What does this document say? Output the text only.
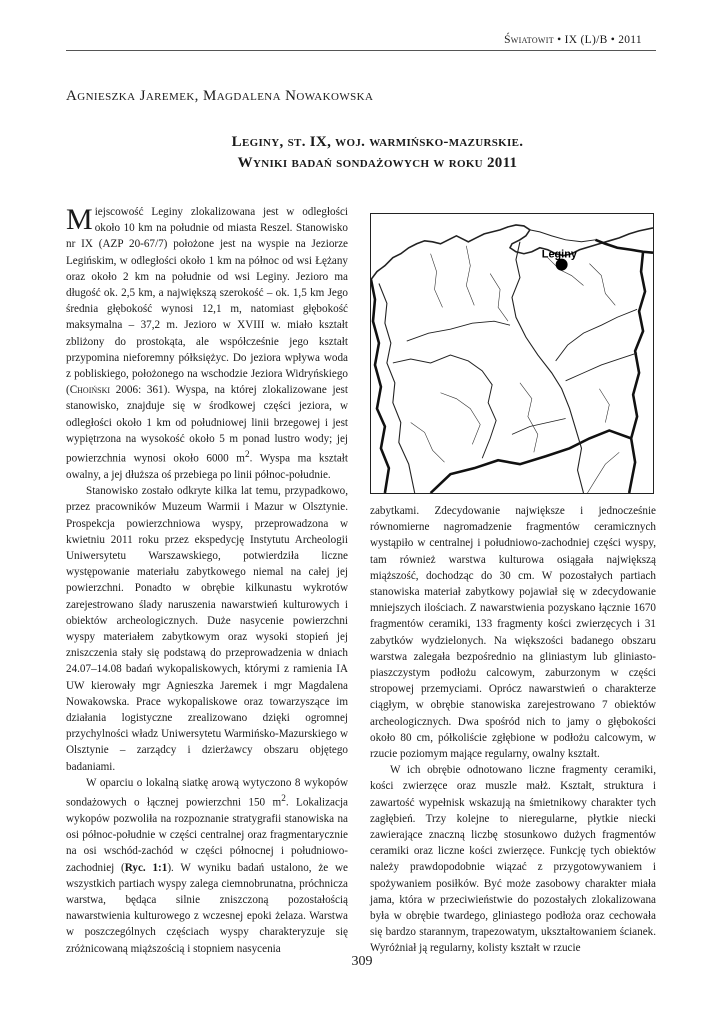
Światowit • IX (L)/B • 2011
Agnieszka Jaremek, Magdalena Nowakowska
Leginy, st. IX, woj. warmińsko-mazurskie.
Wyniki badań sondażowych w roku 2011

Miejscowość Leginy zlokalizowana jest w odległości około 10 km na południe od miasta Reszel. Stanowisko nr IX (AZP 20-67/7) położone jest na wyspie na Jeziorze Legińskim, w odległości około 1 km na północ od wsi Łężany oraz około 2 km na południe od wsi Leginy. Jezioro ma długość ok. 2,5 km, a największą szerokość – ok. 1,5 km Jego średnia głębokość wynosi 12,1 m, natomiast głębokość maksymalna – 37,2 m. Jezioro w XVIII w. miało kształt zbliżony do prostokąta, ale współcześnie jego kształt przypomina nieforemny półksiężyc. Do jeziora wpływa woda z pobliskiego, położonego na wschodzie Jeziora Widryńskiego (Choiński 2006: 361). Wyspa, na której zlokalizowane jest stanowisko, znajduje się w środkowej części jeziora, w odległości około 1 km od południowej linii brzegowej i jest wypiętrzona na wysokość około 5 m ponad lustro wody; jej powierzchnia wynosi około 6000 $m^2$. Wyspa ma kształt owalny, a jej dłuższa oś przebiega po linii północ-południe.

Stanowisko zostało odkryte kilka lat temu, przypadkowo, przez pracowników Muzeum Warmii i Mazur w Olsztynie. Prospekcja powierzchniowa wyspy, przeprowadzona w kwietniu 2011 roku przez ekspedycję Instytutu Archeologii Uniwersytetu Warszawskiego, potwierdziła liczne występowanie materiału zabytkowego niemal na całej jej powierzchni. Ponadto w obrębie kilkunastu wykrotów zarejestrowano ślady naruszenia nawarstwień kulturowych i obiektów archeologicznych. Duże nasycenie powierzchni wyspy materiałem zabytkowym oraz wysoki stopień jej zniszczenia stały się podstawą do przeprowadzenia w dniach 24.07–14.08 badań wykopaliskowych, którymi z ramienia IA UW kierowały mgr Agnieszka Jaremek i mgr Magdalena Nowakowska. Prace wykopaliskowe oraz towarzyszące im działania logistyczne zrealizowano dzięki ogromnej przychylności władz Uniwersytetu Warmińsko-Mazurskiego w Olsztynie – zarządcy i dzierżawcy obszaru objętego badaniami.

W oparciu o lokalną siatkę arową wytyczono 8 wykopów sondażowych o łącznej powierzchni 150 $m^2$. Lokalizacja wykopów pozwoliła na rozpoznanie stratygrafii stanowiska na osi północ-południe w części centralnej oraz fragmentarycznie na osi wschód-zachód w części północnej i południowo-zachodniej (Ryc. 1:1). W wyniku badań ustalono, że we wszystkich partiach wyspy zalega ciemnobrunatna, próchnicza warstwa, będąca silnie zniszczoną pozostałością nawarstwienia kulturowego z wczesnej epoki żelaza. Warstwa w poszczególnych częściach wyspy charakteryzuje się zróżnicowaną miąższością i stopniem nasycenia

Leginy

zabytkami. Zdecydowanie największe i jednocześnie równomierne nagromadzenie fragmentów ceramicznych wystąpiło w centralnej i południowo-zachodniej części wyspy, tam również warstwa kulturowa osiągała największą miąższość, dochodząc do 30 cm. W pozostałych partiach stanowiska materiał zabytkowy pojawiał się w zdecydowanie mniejszych ilościach. Z nawarstwienia pozyskano łącznie 1670 fragmentów ceramiki, 133 fragmenty kości zwierzęcych i 31 zabytków wydzielonych. Na większości badanego obszaru warstwa zalegała bezpośrednio na gliniastym lub gliniasto-piaszczystym podłożu calcowym, zaburzonym w części stropowej przemyciami. Oprócz nawarstwień o charakterze ciągłym, w obrębie stanowiska zarejestrowano 7 obiektów archeologicznych. Dwa spośród nich to jamy o głębokości około 80 cm, półkoliście zgłębione w podłożu calcowym, w rzucie poziomym mające regularny, owalny kształt.

W ich obrębie odnotowano liczne fragmenty ceramiki, kości zwierzęce oraz muszle małż. Kształt, struktura i zawartość wypełnisk wskazują na śmietnikowy charakter tych zagłębień. Trzy kolejne to nieregularne, płytkie niecki zawierające znaczną liczbę stosunkowo dużych fragmentów ceramiki oraz liczne kości zwierzęce. Funkcję tych obiektów należy prawdopodobnie wiązać z przygotowywaniem i spożywaniem posiłków. Być może zasobowy charakter miała jama, która w przeciwieństwie do pozostałych zlokalizowana była w obrębie twardego, gliniastego podłoża oraz cechowała się bardzo starannym, trapezowatym, ukształtowaniem ścianek. Wyróżniał ją regularny, kolisty kształt w rzucie

309
